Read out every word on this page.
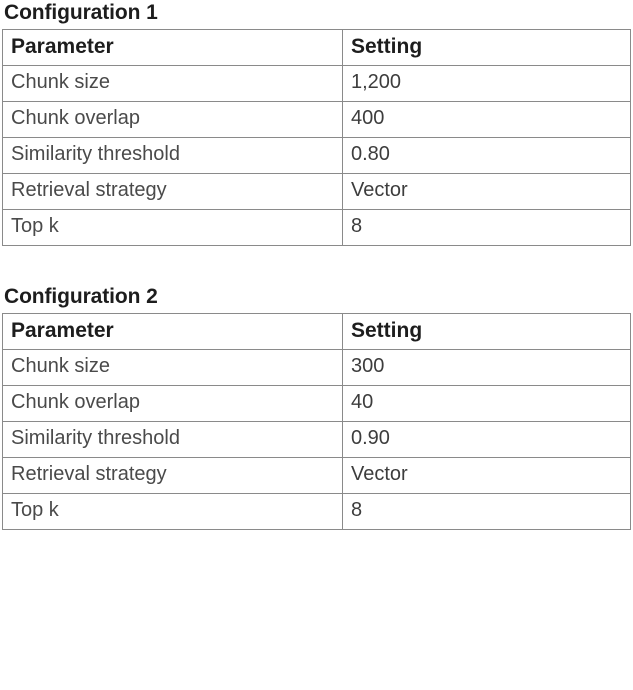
Configuration 1
Parameter	Setting
Chunk size	1,200
Chunk overlap	400
Similarity threshold	0.80
Retrieval strategy	Vector
Top k	8
Configuration 2
Parameter	Setting
Chunk size	300
Chunk overlap	40
Similarity threshold	0.90
Retrieval strategy	Vector
Top k	8
